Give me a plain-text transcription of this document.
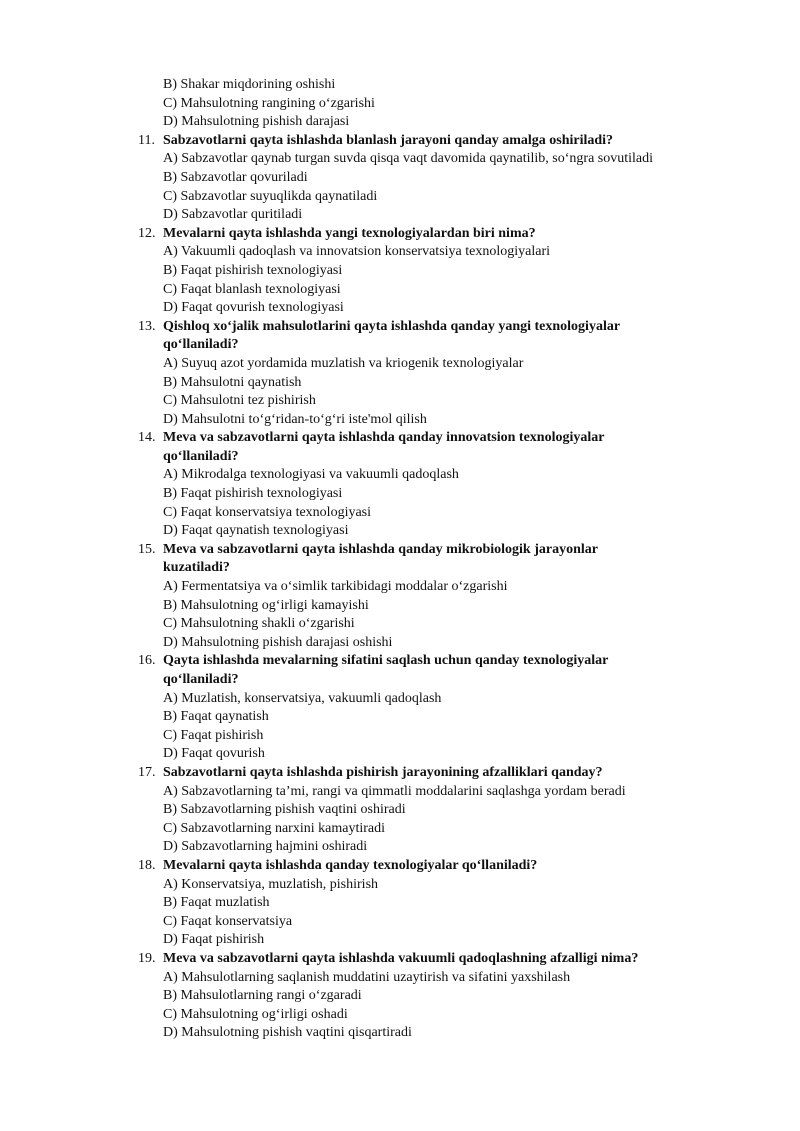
B) Shakar miqdorining oshishi
C) Mahsulotning rangining o‘zgarishi
D) Mahsulotning pishish darajasi
11. Sabzavotlarni qayta ishlashda blanlash jarayoni qanday amalga oshiriladi?
A) Sabzavotlar qaynab turgan suvda qisqa vaqt davomida qaynatilib, so‘ngra sovutiladi
B) Sabzavotlar qovuriladi
C) Sabzavotlar suyuqlikda qaynatiladi
D) Sabzavotlar quritiladi
12. Mevalarni qayta ishlashda yangi texnologiyalardan biri nima?
A) Vakuumli qadoqlash va innovatsion konservatsiya texnologiyalari
B) Faqat pishirish texnologiyasi
C) Faqat blanlash texnologiyasi
D) Faqat qovurish texnologiyasi
13. Qishloq xo‘jalik mahsulotlarini qayta ishlashda qanday yangi texnologiyalar
qo‘llaniladi?
A) Suyuq azot yordamida muzlatish va kriogenik texnologiyalar
B) Mahsulotni qaynatish
C) Mahsulotni tez pishirish
D) Mahsulotni to‘g‘ridan-to‘g‘ri iste'mol qilish
14. Meva va sabzavotlarni qayta ishlashda qanday innovatsion texnologiyalar
qo‘llaniladi?
A) Mikrodalga texnologiyasi va vakuumli qadoqlash
B) Faqat pishirish texnologiyasi
C) Faqat konservatsiya texnologiyasi
D) Faqat qaynatish texnologiyasi
15. Meva va sabzavotlarni qayta ishlashda qanday mikrobiologik jarayonlar
kuzatiladi?
A) Fermentatsiya va o‘simlik tarkibidagi moddalar o‘zgarishi
B) Mahsulotning og‘irligi kamayishi
C) Mahsulotning shakli o‘zgarishi
D) Mahsulotning pishish darajasi oshishi
16. Qayta ishlashda mevalarning sifatini saqlash uchun qanday texnologiyalar
qo‘llaniladi?
A) Muzlatish, konservatsiya, vakuumli qadoqlash
B) Faqat qaynatish
C) Faqat pishirish
D) Faqat qovurish
17. Sabzavotlarni qayta ishlashda pishirish jarayonining afzalliklari qanday?
A) Sabzavotlarning ta’mi, rangi va qimmatli moddalarini saqlashga yordam beradi
B) Sabzavotlarning pishish vaqtini oshiradi
C) Sabzavotlarning narxini kamaytiradi
D) Sabzavotlarning hajmini oshiradi
18. Mevalarni qayta ishlashda qanday texnologiyalar qo‘llaniladi?
A) Konservatsiya, muzlatish, pishirish
B) Faqat muzlatish
C) Faqat konservatsiya
D) Faqat pishirish
19. Meva va sabzavotlarni qayta ishlashda vakuumli qadoqlashning afzalligi nima?
A) Mahsulotlarning saqlanish muddatini uzaytirish va sifatini yaxshilash
B) Mahsulotlarning rangi o‘zgaradi
C) Mahsulotning og‘irligi oshadi
D) Mahsulotning pishish vaqtini qisqartiradi
